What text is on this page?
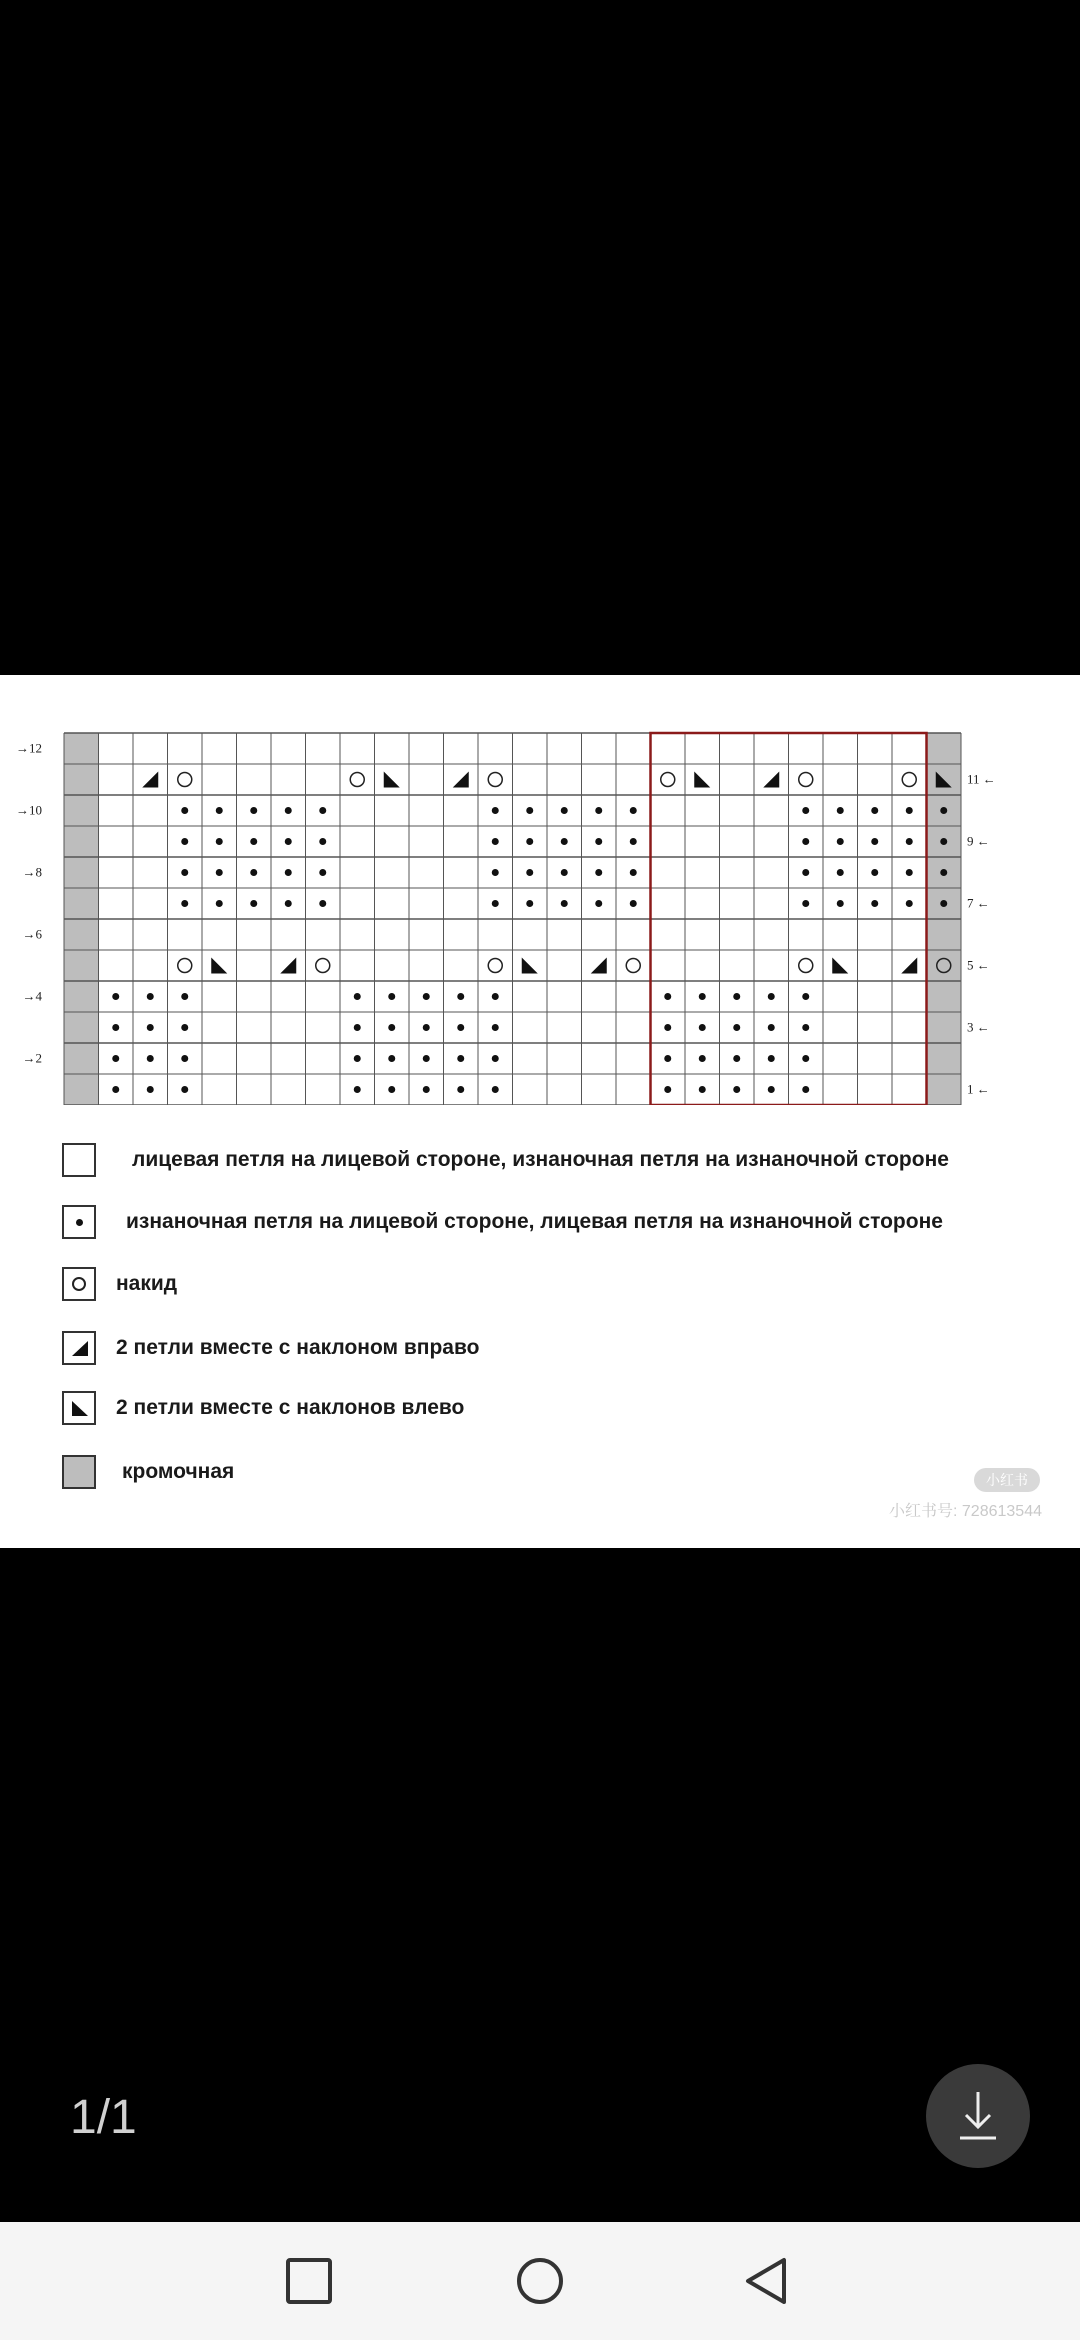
→12
→10
→8
→6
→4
→2
11 ←
9 ←
7 ←
5 ←
3 ←
1 ←
лицевая петля на лицевой стороне, изнаночная петля на изнаночной стороне
изнаночная петля на лицевой стороне, лицевая петля на изнаночной стороне
накид
2 петли вместе с наклоном вправо
2 петли вместе с наклонов влево
кромочная	小红书
小红书号: 728613544
1/1
